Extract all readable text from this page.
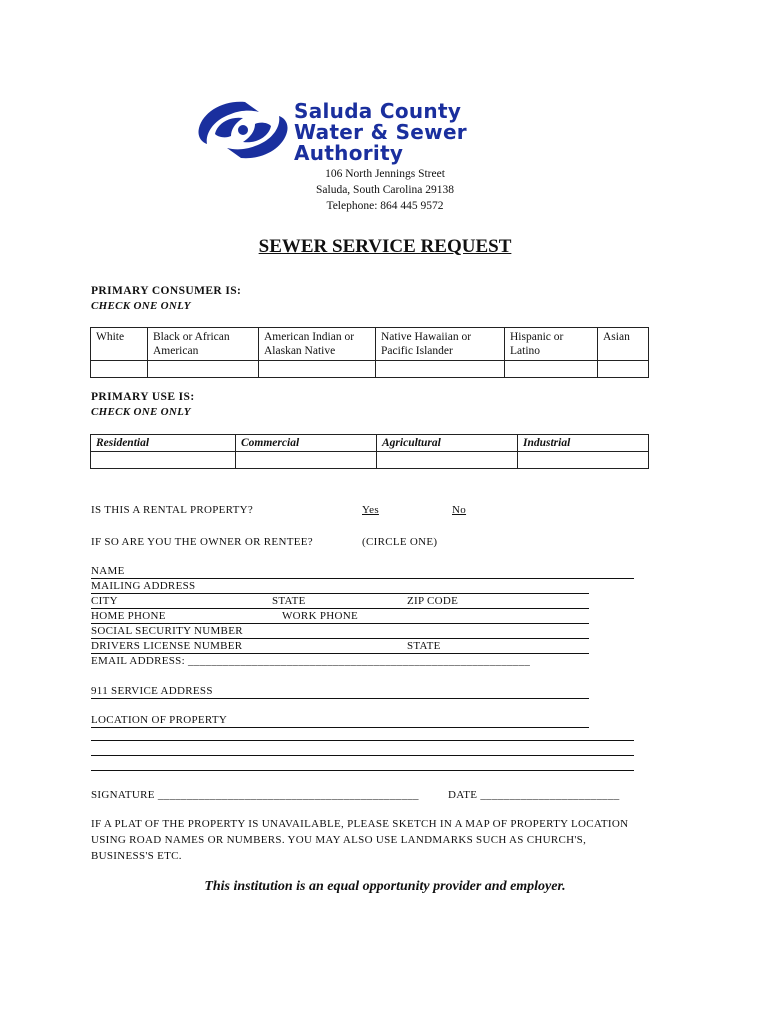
Saluda County
Water & Sewer
Authority
106 North Jennings Street
Saluda, South Carolina 29138
Telephone: 864 445 9572
SEWER SERVICE REQUEST
PRIMARY CONSUMER IS:
CHECK ONE ONLY
White	Black or African American	American Indian or Alaskan Native	Native Hawaiian or Pacific Islander	Hispanic or Latino	Asian

PRIMARY USE IS:
CHECK ONE ONLY
Residential	Commercial	Agricultural	Industrial

IS THIS A RENTAL PROPERTY?	Yes	No
IF SO ARE YOU THE OWNER OR RENTEE?	(CIRCLE ONE)
NAME
MAILING ADDRESS
CITY	STATE	ZIP CODE
HOME PHONE	WORK PHONE
SOCIAL SECURITY NUMBER
DRIVERS LICENSE NUMBER	STATE
EMAIL ADDRESS: ___________________________________________________________
911 SERVICE ADDRESS
LOCATION OF PROPERTY
SIGNATURE _____________________________________________	DATE ________________________
IF A PLAT OF THE PROPERTY IS UNAVAILABLE, PLEASE SKETCH IN A MAP OF PROPERTY LOCATION USING ROAD NAMES OR NUMBERS. YOU MAY ALSO USE LANDMARKS SUCH AS CHURCH'S, BUSINESS'S ETC.
This institution is an equal opportunity provider and employer.
